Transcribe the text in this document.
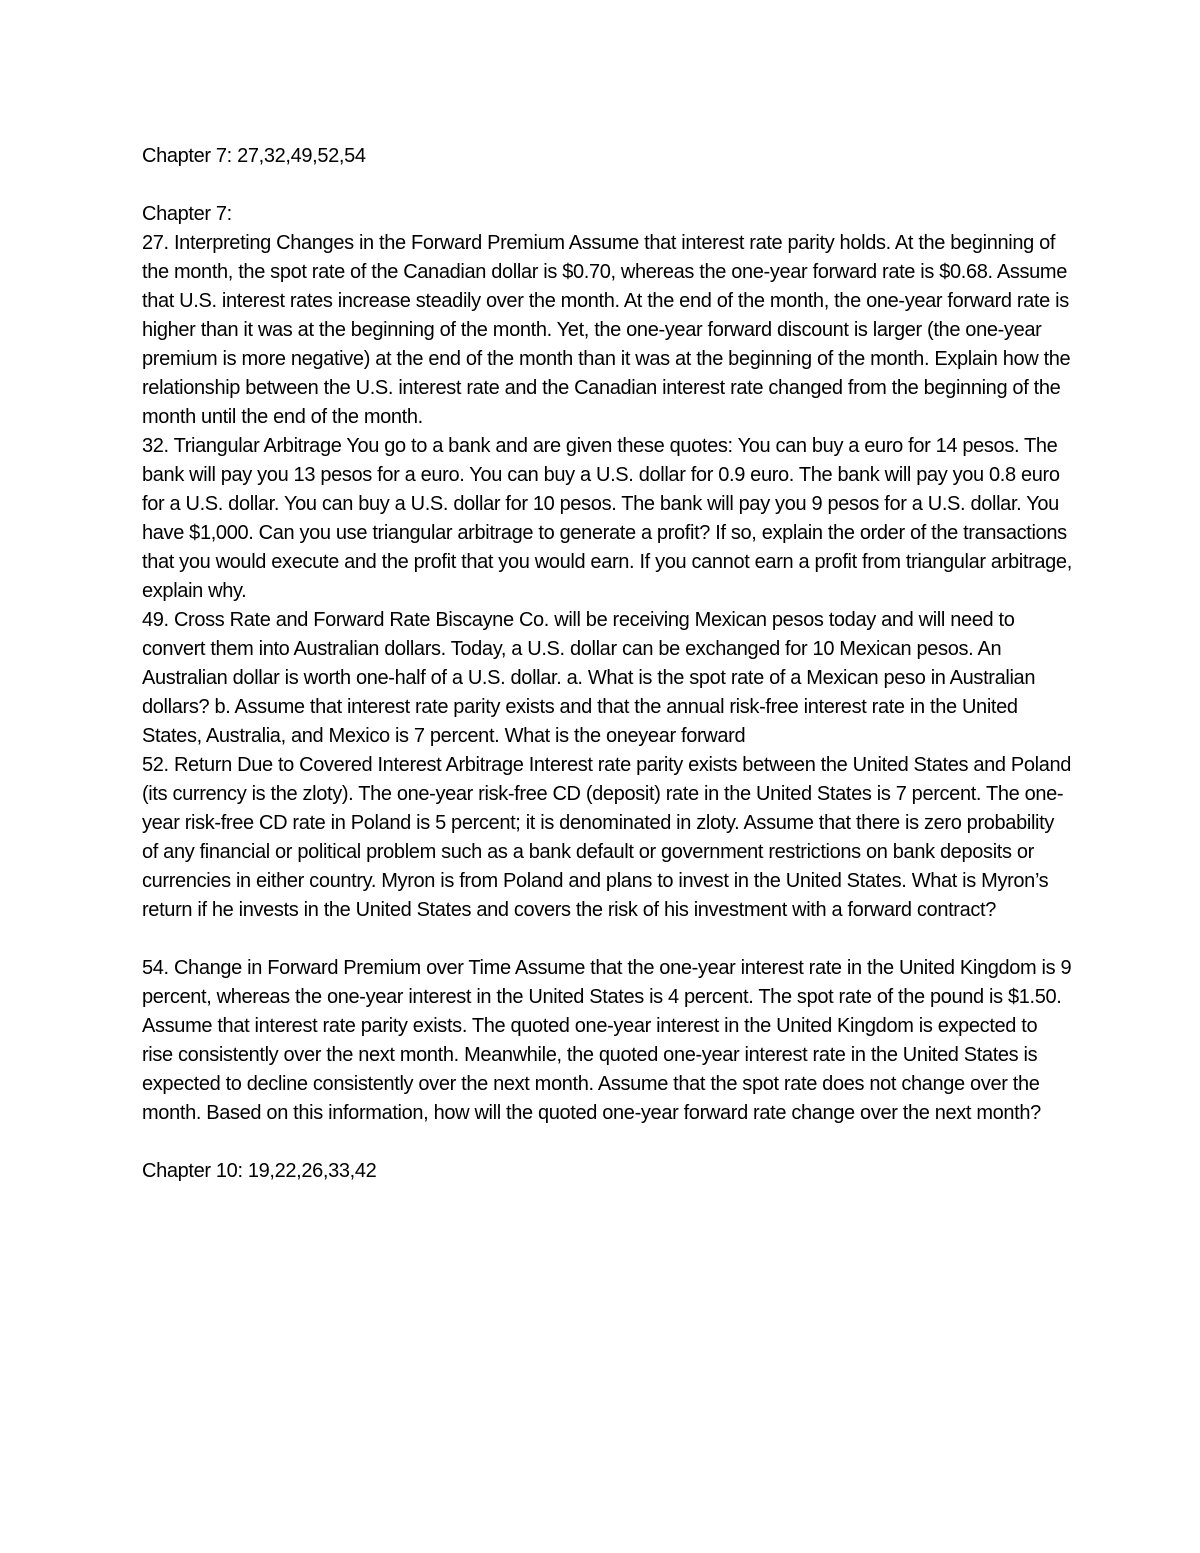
Chapter 7: 27,32,49,52,54

Chapter 7:

27. Interpreting Changes in the Forward Premium Assume that interest rate parity holds. At the beginning of the month, the spot rate of the Canadian dollar is $0.70, whereas the one-year forward rate is $0.68. Assume that U.S. interest rates increase steadily over the month. At the end of the month, the one-year forward rate is higher than it was at the beginning of the month. Yet, the one-year forward discount is larger (the one-year premium is more negative) at the end of the month than it was at the beginning of the month. Explain how the relationship between the U.S. interest rate and the Canadian interest rate changed from the beginning of the month until the end of the month.

32. Triangular Arbitrage You go to a bank and are given these quotes: You can buy a euro for 14 pesos. The bank will pay you 13 pesos for a euro. You can buy a U.S. dollar for 0.9 euro. The bank will pay you 0.8 euro for a U.S. dollar. You can buy a U.S. dollar for 10 pesos. The bank will pay you 9 pesos for a U.S. dollar. You have $1,000. Can you use triangular arbitrage to generate a profit? If so, explain the order of the transactions that you would execute and the profit that you would earn. If you cannot earn a profit from triangular arbitrage, explain why.

49. Cross Rate and Forward Rate Biscayne Co. will be receiving Mexican pesos today and will need to convert them into Australian dollars. Today, a U.S. dollar can be exchanged for 10 Mexican pesos. An Australian dollar is worth one-half of a U.S. dollar. a. What is the spot rate of a Mexican peso in Australian dollars? b. Assume that interest rate parity exists and that the annual risk-free interest rate in the United States, Australia, and Mexico is 7 percent. What is the oneyear forward

52. Return Due to Covered Interest Arbitrage Interest rate parity exists between the United States and Poland (its currency is the zloty). The one-year risk-free CD (deposit) rate in the United States is 7 percent. The one-year risk-free CD rate in Poland is 5 percent; it is denominated in zloty. Assume that there is zero probability of any financial or political problem such as a bank default or government restrictions on bank deposits or currencies in either country. Myron is from Poland and plans to invest in the United States. What is Myron’s return if he invests in the United States and covers the risk of his investment with a forward contract?

54. Change in Forward Premium over Time Assume that the one-year interest rate in the United Kingdom is 9 percent, whereas the one-year interest in the United States is 4 percent. The spot rate of the pound is $1.50. Assume that interest rate parity exists. The quoted one-year interest in the United Kingdom is expected to rise consistently over the next month. Meanwhile, the quoted one-year interest rate in the United States is expected to decline consistently over the next month. Assume that the spot rate does not change over the month. Based on this information, how will the quoted one-year forward rate change over the next month?

Chapter 10: 19,22,26,33,42
